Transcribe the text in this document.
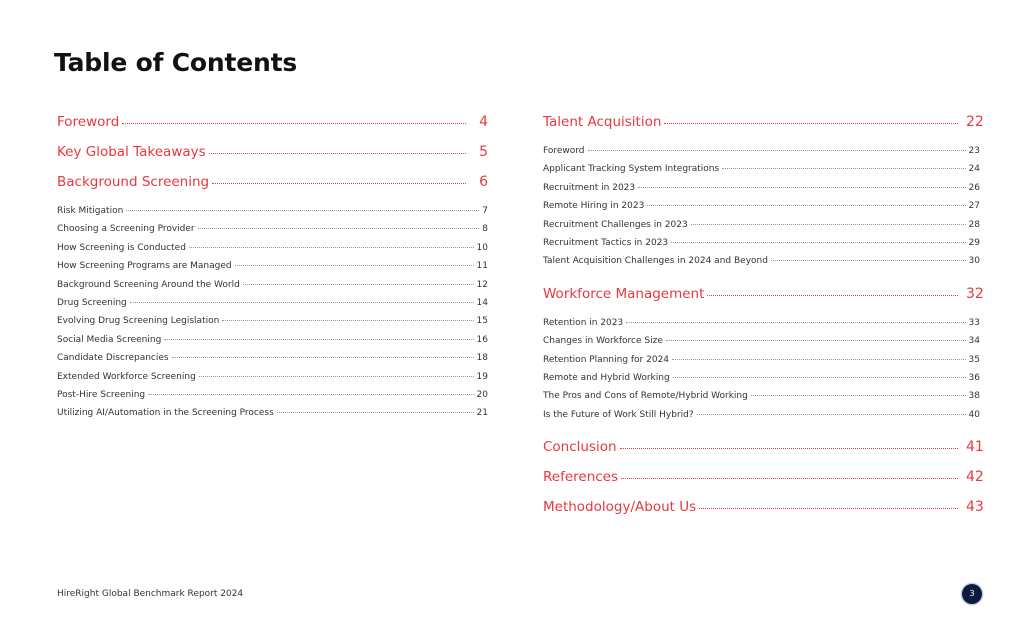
Table of Contents
Foreword	4
Key Global Takeaways	5
Background Screening	6
Risk Mitigation	7
Choosing a Screening Provider	8
How Screening is Conducted	10
How Screening Programs are Managed	11
Background Screening Around the World	12
Drug Screening	14
Evolving Drug Screening Legislation	15
Social Media Screening	16
Candidate Discrepancies	18
Extended Workforce Screening	19
Post-Hire Screening	20
Utilizing AI/Automation in the Screening Process	21
Talent Acquisition	22
Foreword	23
Applicant Tracking System Integrations	24
Recruitment in 2023	26
Remote Hiring in 2023	27
Recruitment Challenges in 2023	28
Recruitment Tactics in 2023	29
Talent Acquisition Challenges in 2024 and Beyond	30
Workforce Management	32
Retention in 2023	33
Changes in Workforce Size	34
Retention Planning for 2024	35
Remote and Hybrid Working	36
The Pros and Cons of Remote/Hybrid Working	38
Is the Future of Work Still Hybrid?	40
Conclusion	41
References	42
Methodology/About Us	43
HireRight Global Benchmark Report 2024	3
